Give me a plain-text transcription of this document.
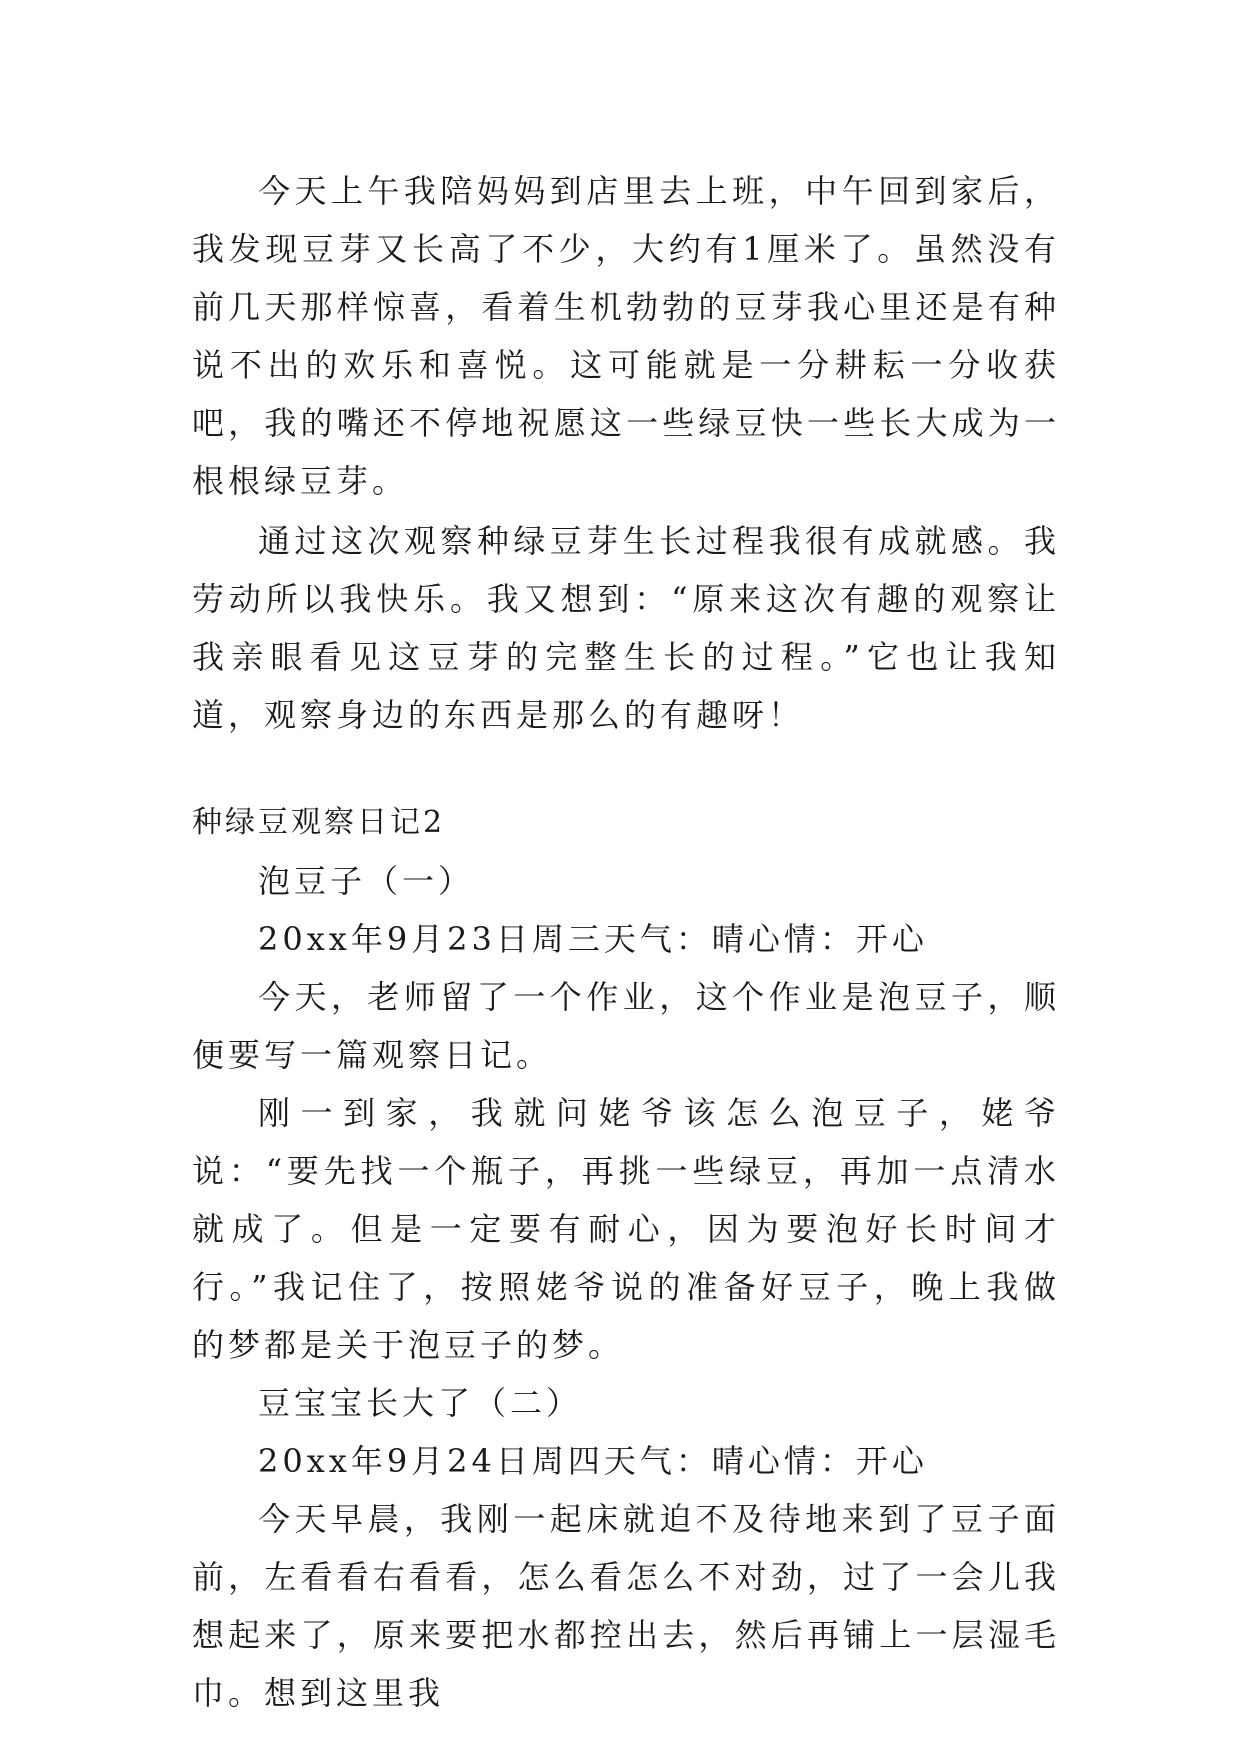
今天上午我陪妈妈到店里去上班，中午回到家后，我发现豆芽又长高了不少，大约有1厘米了。虽然没有前几天那样惊喜，看着生机勃勃的豆芽我心里还是有种说不出的欢乐和喜悦。这可能就是一分耕耘一分收获吧，我的嘴还不停地祝愿这一些绿豆快一些长大成为一根根绿豆芽。

通过这次观察种绿豆芽生长过程我很有成就感。我劳动所以我快乐。我又想到：“原来这次有趣的观察让我亲眼看见这豆芽的完整生长的过程。”它也让我知道，观察身边的东西是那么的有趣呀！

种绿豆观察日记2

泡豆子（一）

20xx年9月23日周三天气：晴心情：开心

今天，老师留了一个作业，这个作业是泡豆子，顺便要写一篇观察日记。

刚一到家，我就问姥爷该怎么泡豆子，姥爷说：“要先找一个瓶子，再挑一些绿豆，再加一点清水就成了。但是一定要有耐心，因为要泡好长时间才行。”我记住了，按照姥爷说的准备好豆子，晚上我做的梦都是关于泡豆子的梦。

豆宝宝长大了（二）

20xx年9月24日周四天气：晴心情：开心

今天早晨，我刚一起床就迫不及待地来到了豆子面前，左看看右看看，怎么看怎么不对劲，过了一会儿我想起来了，原来要把水都控出去，然后再铺上一层湿毛巾。想到这里我
